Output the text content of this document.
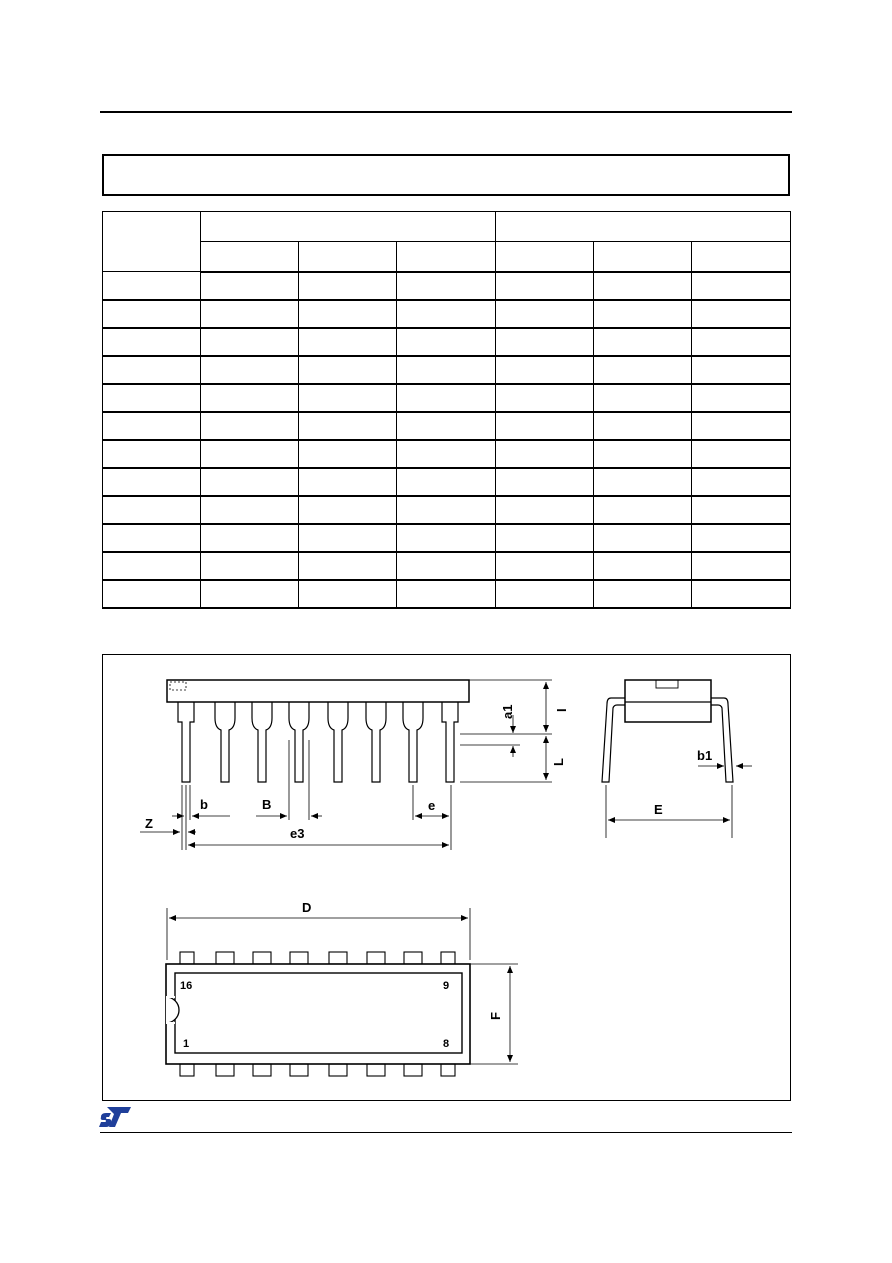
Z
b	B	e
e3
a1	I
L	b1
E
D
F
16	9
1	8
